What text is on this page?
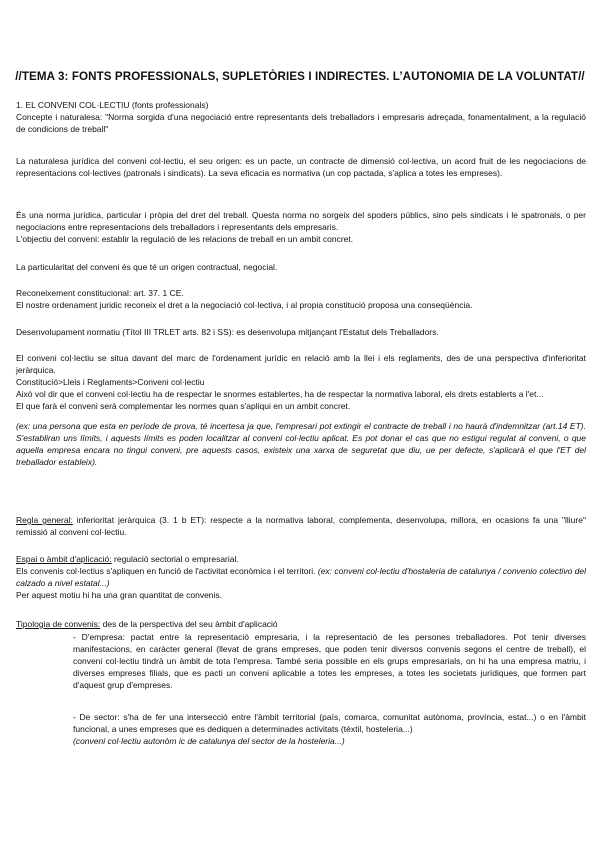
//TEMA 3: FONTS PROFESSIONALS, SUPLETÒRIES I INDIRECTES. L’AUTONOMIA DE LA VOLUNTAT//

1. EL CONVENI COL·LECTIU (fonts professionals)

Concepte i naturalesa: "Norma sorgida d'una negociació entre representants dels treballadors i empresaris adreçada, fonamentalment, a la regulació de condicions de treball"

La naturalesa jurídica del conveni col·lectiu, el seu origen: es un pacte, un contracte de dimensió col·lectiva, un acord fruit de les negociacions de representacions col·lectives (patronals i sindicats). La seva eficacia es normativa (un cop pactada, s'aplica a totes les empreses).

És una norma jurídica, particular i pròpia del dret del treball. Questa norma no sorgeix del spoders públics, sino pels sindicats i le spatronals, o per negociacions entre representacions dels treballadors i representants dels empresaris.

L'objectiu del conveni: establir la regulació de les relacions de treball en un ambit concret.

La particularitat del conveni és que té un origen contractual, negocial.

Reconeixement constitucional: art. 37. 1 CE.

El nostre ordenament juridic reconeix el dret a la negociació col·lectiva, i al propia constitució proposa una conseqüència.

Desenvolupament normatiu (Títol III TRLET arts. 82 i SS): es desenvolupa mitjançant l'Estatut dels Treballadors.

El conveni col·lectiu se situa davant del marc de l'ordenament jurídic en relació amb la llei i els reglaments, des de una perspectiva d'inferioritat jeràrquica.

Constitució>Lleis i Reglaments>Conveni col·lectiu

Això vol dir que el conveni col·lectiu ha de respectar le snormes establertes, ha de respectar la normativa laboral, els drets establerts a l'et...

El que farà el conveni serà complementar les normes quan s'apliqui en un ambit concret.

(ex: una persona que esta en període de prova, té incertesa ja que, l'empresari pot extingir el contracte de treball i no haurà d'indemnitzar (art.14 ET). S'establiran uns límits, i aquests límits es poden localitzar al conveni col·lectiu aplicat. Es pot donar el cas que no estigui regulat al conveni, o que aquella empresa encara no tingui conveni, pre aquests casos, existeix una xarxa de seguretat que diu, ue per defecte, s'aplicarà el que l'ET del treballador estableix).

Regla general: inferioritat jeràrquica (3. 1 b ET): respecte a la normativa laboral, complementa, desenvolupa, millora, en ocasions fa una "lliure" remissió al conveni col·lectiu.

Espai o àmbit d'aplicació: regulació sectorial o empresarial.

Els convenis col·lectius s'apliquen en funció de l'activitat econòmica i el territori. (ex: conveni col·lectiu d'hostaleria de catalunya / convenio colectivo del calzado a nivel estatal...)

Per aquest motiu hi ha una gran quantitat de convenis.

Tipologia de convenis: des de la perspectiva del seu àmbit d'aplicació

- D'empresa: pactat entre la representació empresaria, i la representació de les persones treballadores. Pot tenir diverses manifestacions, en caràcter general (llevat de grans empreses, que poden tenir diversos convenis segons el centre de treball), el conveni col·lectiu tindrà un àmbit de tota l'empresa. També seria possible en els grups empresarials, on hi ha una empresa matriu, i diverses empreses filials, que es pacti un conveni aplicable a totes les empreses, a totes les societats jurídiques, que formen part d'aquest grup d'empreses.

- De sector: s'ha de fer una intersecció entre l'àmbit territorial (país, comarca, comunitat autònoma, província, estat...) o en l'àmbit funcional, a unes empreses que es dediquen a determinades activitats (tèxtil, hosteleria...)

(conveni col·lectiu autonòm ic de catalunya del sector de la hosteleria...)
